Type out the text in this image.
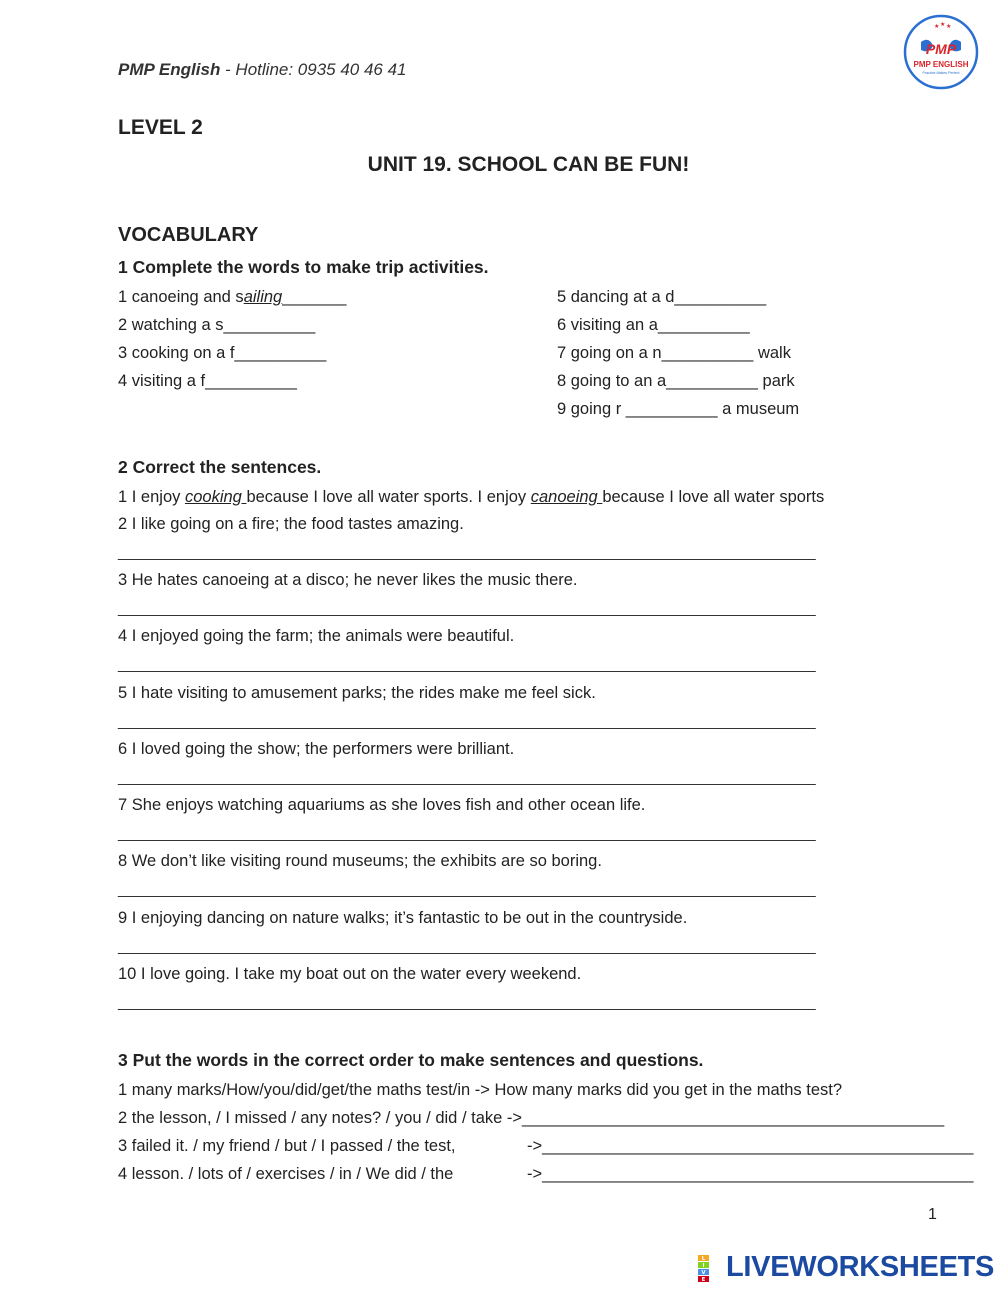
PMP English - Hotline: 0935 40 46 41
★ ★ ★
PMP
PMP ENGLISH
Practice Makes Perfect
LEVEL 2
UNIT 19. SCHOOL CAN BE FUN!
VOCABULARY
1 Complete the words to make trip activities.
1 canoeing and sailing_______
2 watching a s__________
3 cooking on a f__________
4 visiting a f__________
5 dancing at a d__________
6 visiting an a__________
7 going on a n__________ walk
8 going to an a__________ park
9 going r __________ a museum
2 Correct the sentences.
1 I enjoy cooking because I love all water sports. I enjoy canoeing because I love all water sports
2 I like going on a fire; the food tastes amazing.
____________________________________________________________________________________
3 He hates canoeing at a disco; he never likes the music there.
____________________________________________________________________________________
4 I enjoyed going the farm; the animals were beautiful.
____________________________________________________________________________________
5 I hate visiting to amusement parks; the rides make me feel sick.
____________________________________________________________________________________
6 I loved going the show; the performers were brilliant.
____________________________________________________________________________________
7 She enjoys watching aquariums as she loves fish and other ocean life.
____________________________________________________________________________________
8 We don’t like visiting round museums; the exhibits are so boring.
____________________________________________________________________________________
9 I enjoying dancing on nature walks; it’s fantastic to be out in the countryside.
____________________________________________________________________________________
10 I love going. I take my boat out on the water every weekend.
____________________________________________________________________________________
3 Put the words in the correct order to make sentences and questions.
1 many marks/How/you/did/get/the maths test/in -> How many marks did you get in the maths test?
2 the lesson, / I missed / any notes? / you / did / take ->______________________________________________
3 failed it. / my friend / but / I passed / the test,	->_______________________________________________
4 lesson. / lots of / exercises / in / We did / the	->_______________________________________________
1
L
I
V
E LIVEWORKSHEETS
